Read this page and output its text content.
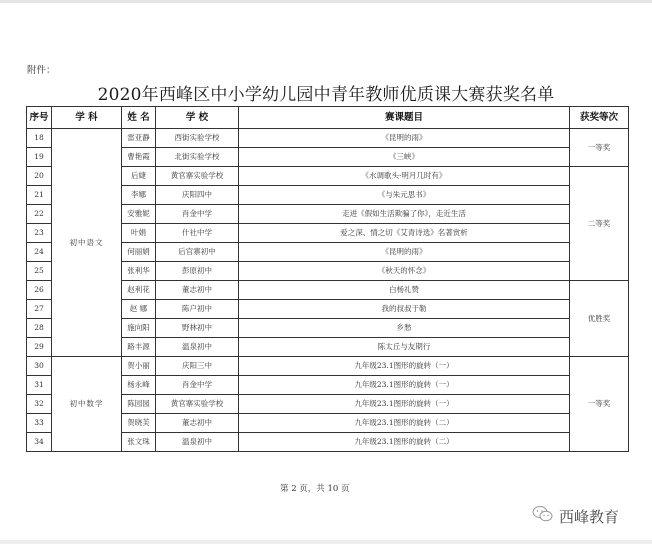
附件：
2020年西峰区中小学幼儿园中青年教师优质课大赛获奖名单
序号	学 科	姓 名	学 校	赛课题目	获奖等次
18	初中语文	雷亚静	西街实验学校	《昆明的雨》	一等奖
19		曹艳霞	北街实验学校	《三峡》	
20		后婕	黄官寨实验学校	《水调歌头·明月几时有》	二等奖
21		李娜	庆阳四中	《与朱元思书》	
22		安雅妮	肖金中学	走进《假如生活欺骗了你》，走近生活	
23		叶娟	什社中学	爱之深、情之切《艾青诗选》名著赏析	
24		何丽娟	后官寨初中	《昆明的雨》	
25		张利华	彭原初中	《秋天的怀念》	
26		赵利花	董志初中	白杨礼赞	优胜奖
27		赵 娜	陈户初中	我的叔叔于勒	
28		施向阳	野林初中	乡愁	
29		路丰源	温泉初中	陈太丘与友期行	
30	初中数学	贺小丽	庆阳三中	九年级23.1图形的旋转（一）	一等奖
31		杨永峰	肖金中学	九年级23.1图形的旋转（一）	
32		陈园园	黄官寨实验学校	九年级23.1图形的旋转（一）	
33		贺晓芙	董志初中	九年级23.1图形的旋转（二）	
34		张文珠	温泉初中	九年级23.1图形的旋转（二）	
第 2 页，共 10 页
西峰教育
